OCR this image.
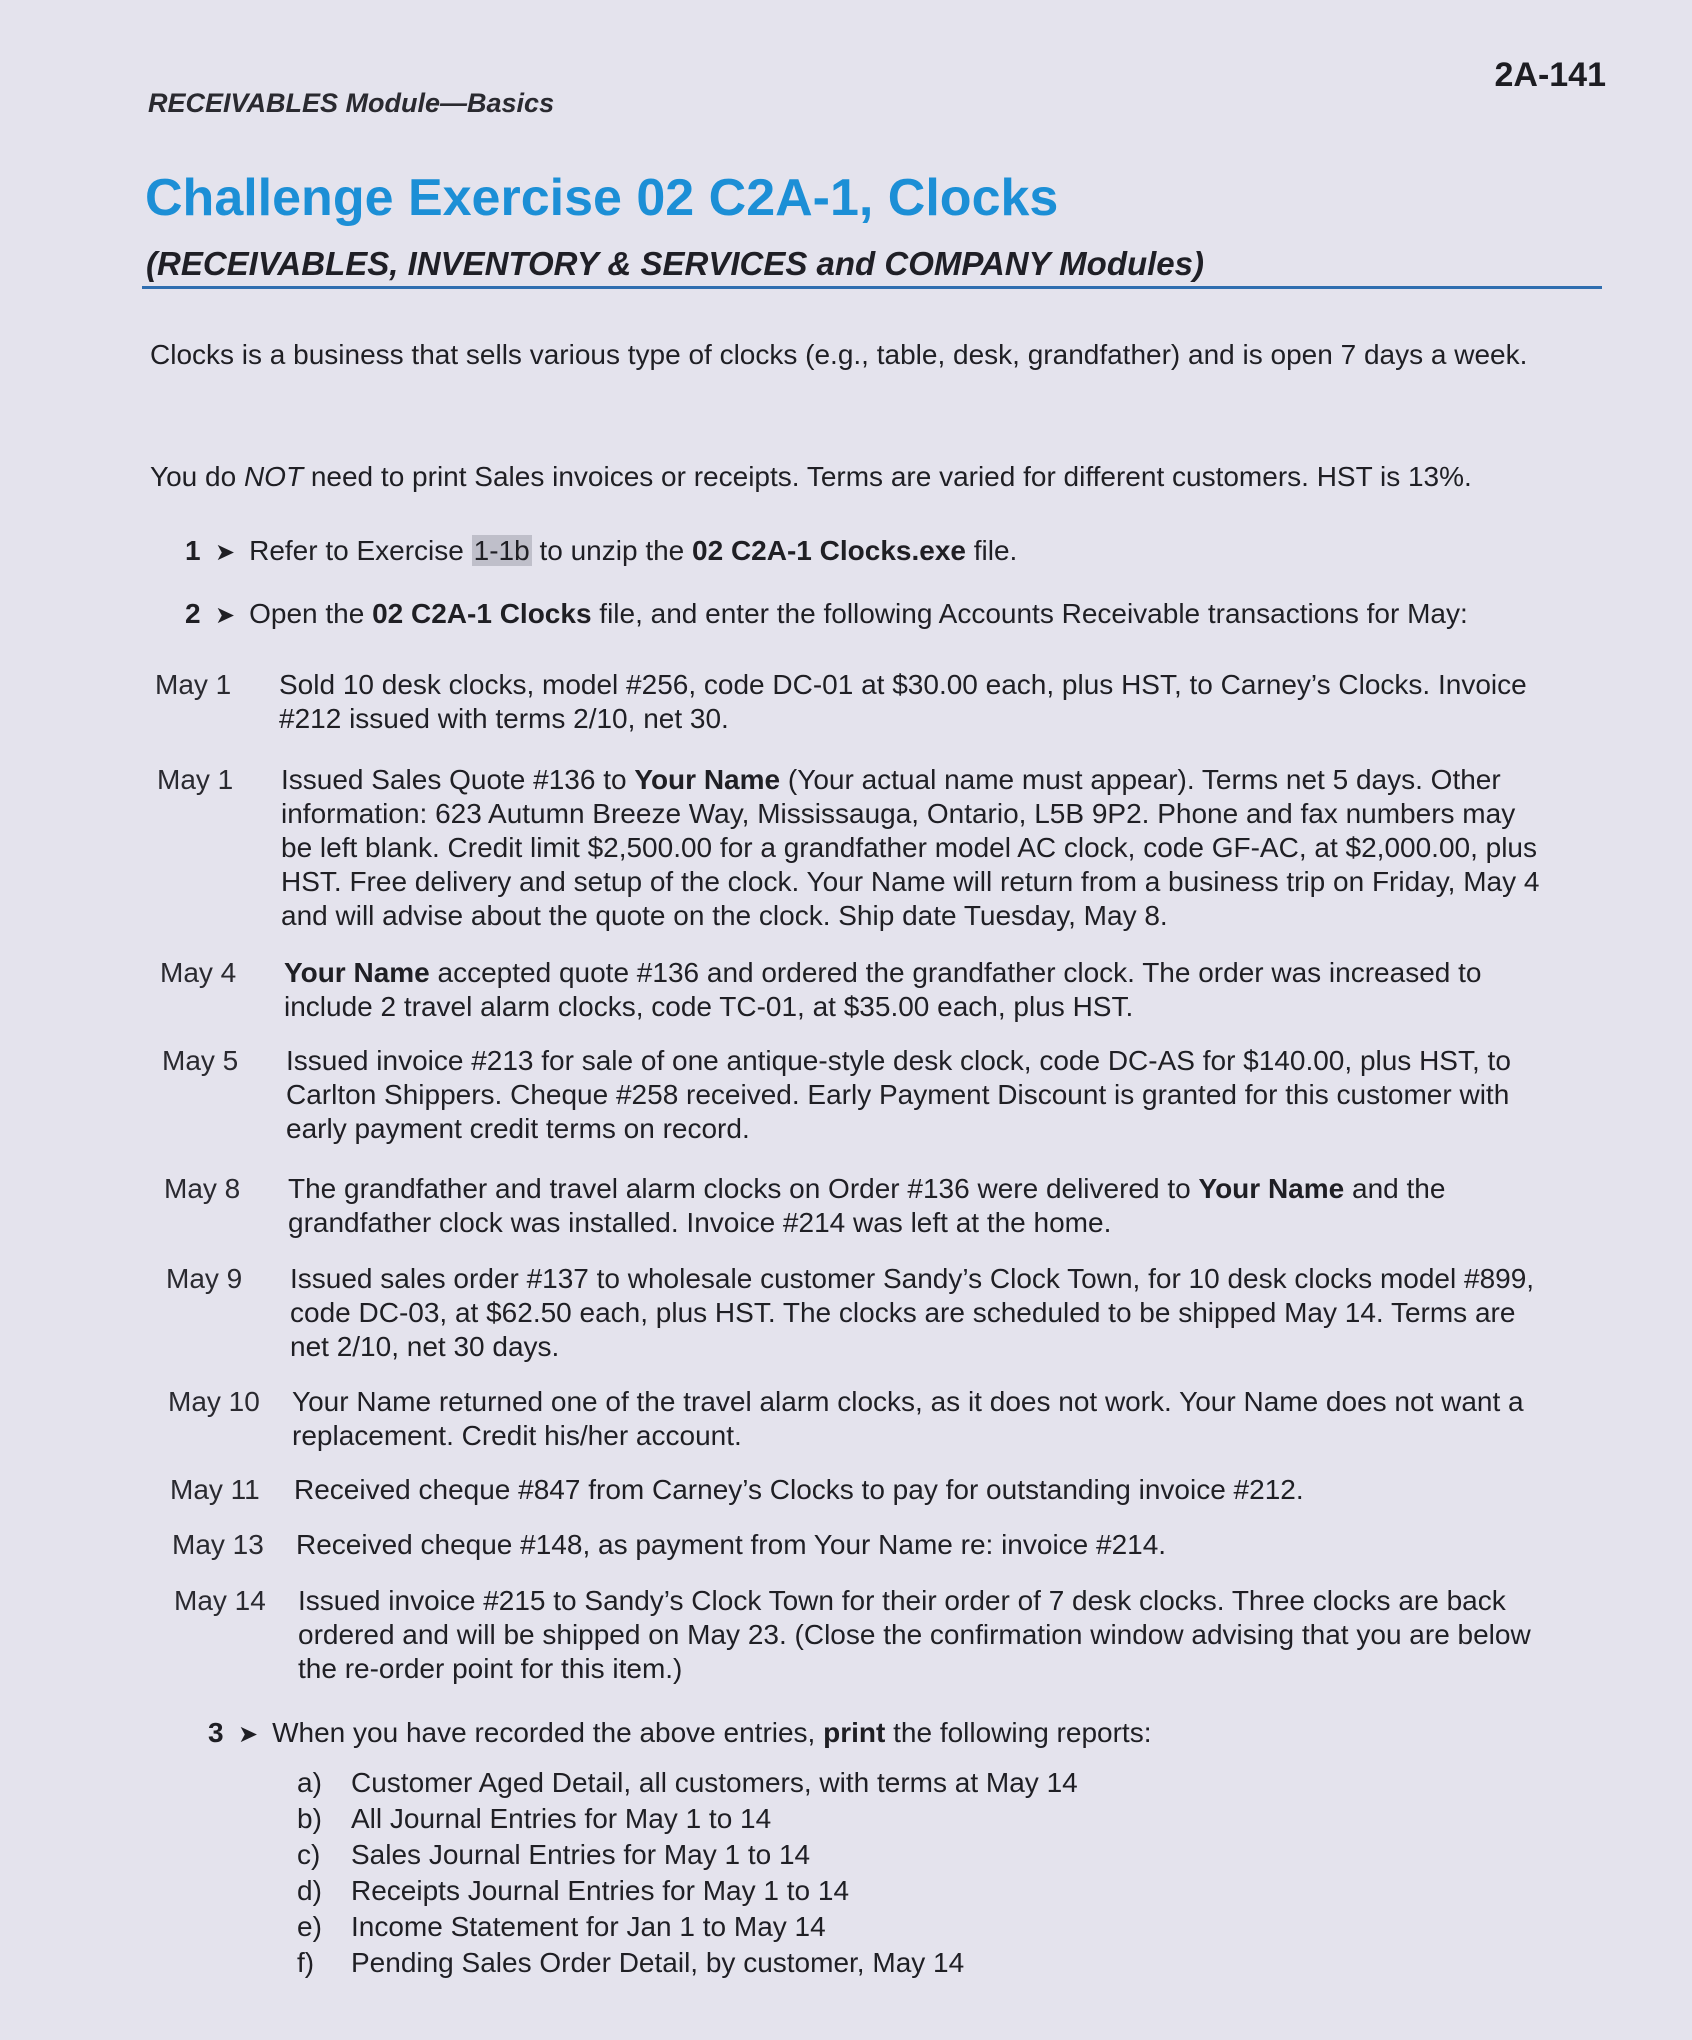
RECEIVABLES Module—Basics
2A-141
Challenge Exercise 02 C2A-1, Clocks
(RECEIVABLES, INVENTORY & SERVICES and COMPANY Modules)
Clocks is a business that sells various type of clocks (e.g., table, desk, grandfather) and is open 7 days a week.
You do NOT need to print Sales invoices or receipts. Terms are varied for different customers. HST is 13%.
1 ➤ Refer to Exercise 1-1b to unzip the 02 C2A-1 Clocks.exe file.
2 ➤ Open the 02 C2A-1 Clocks file, and enter the following Accounts Receivable transactions for May:
May 1	Sold 10 desk clocks, model #256, code DC-01 at $30.00 each, plus HST, to Carney’s Clocks. Invoice #212 issued with terms 2/10, net 30.
May 1	Issued Sales Quote #136 to Your Name (Your actual name must appear). Terms net 5 days. Other information: 623 Autumn Breeze Way, Mississauga, Ontario, L5B 9P2. Phone and fax numbers may be left blank. Credit limit $2,500.00 for a grandfather model AC clock, code GF-AC, at $2,000.00, plus HST. Free delivery and setup of the clock. Your Name will return from a business trip on Friday, May 4 and will advise about the quote on the clock. Ship date Tuesday, May 8.
May 4	Your Name accepted quote #136 and ordered the grandfather clock. The order was increased to include 2 travel alarm clocks, code TC-01, at $35.00 each, plus HST.
May 5	Issued invoice #213 for sale of one antique-style desk clock, code DC-AS for $140.00, plus HST, to Carlton Shippers. Cheque #258 received. Early Payment Discount is granted for this customer with early payment credit terms on record.
May 8	The grandfather and travel alarm clocks on Order #136 were delivered to Your Name and the grandfather clock was installed. Invoice #214 was left at the home.
May 9	Issued sales order #137 to wholesale customer Sandy’s Clock Town, for 10 desk clocks model #899, code DC-03, at $62.50 each, plus HST. The clocks are scheduled to be shipped May 14. Terms are net 2/10, net 30 days.
May 10	Your Name returned one of the travel alarm clocks, as it does not work. Your Name does not want a replacement. Credit his/her account.
May 11	Received cheque #847 from Carney’s Clocks to pay for outstanding invoice #212.
May 13	Received cheque #148, as payment from Your Name re: invoice #214.
May 14	Issued invoice #215 to Sandy’s Clock Town for their order of 7 desk clocks. Three clocks are back ordered and will be shipped on May 23. (Close the confirmation window advising that you are below the re-order point for this item.)
3 ➤ When you have recorded the above entries, print the following reports:
a) Customer Aged Detail, all customers, with terms at May 14
b) All Journal Entries for May 1 to 14
c) Sales Journal Entries for May 1 to 14
d) Receipts Journal Entries for May 1 to 14
e) Income Statement for Jan 1 to May 14
f) Pending Sales Order Detail, by customer, May 14
